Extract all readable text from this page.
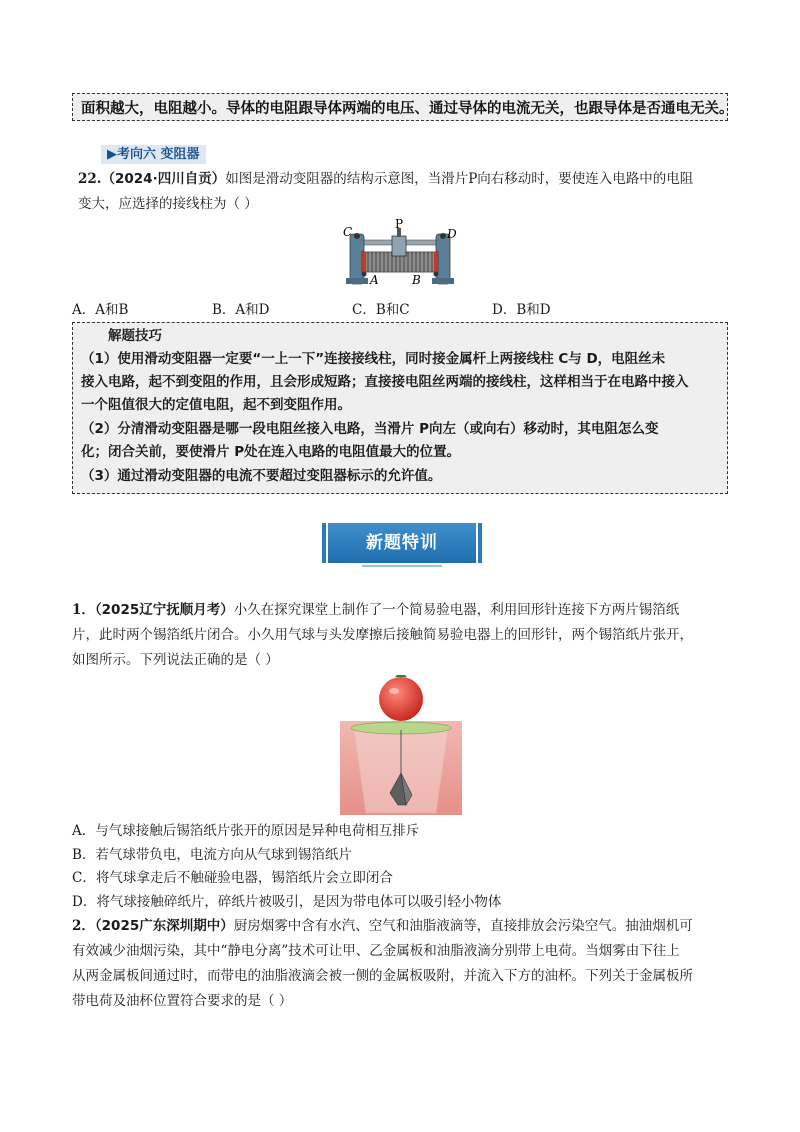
面积越大，电阻越小。导体的电阻跟导体两端的电压、通过导体的电流无关，也跟导体是否通电无关。
▶考向六 变阻器
22.（2024·四川自贡）如图是滑动变阻器的结构示意图，当滑片P向右移动时，要使连入电路中的电阻
变大，应选择的接线柱为（ ）
C
P
D
A	B
A．A和B	B．A和D	C．B和C	D．B和D
解题技巧
（1）使用滑动变阻器一定要“一上一下”连接接线柱，同时接金属杆上两接线柱 C与 D，电阻丝未
接入电路，起不到变阻的作用，且会形成短路；直接接电阻丝两端的接线柱，这样相当于在电路中接入
一个阻值很大的定值电阻，起不到变阻作用。
（2）分清滑动变阻器是哪一段电阻丝接入电路，当滑片 P向左（或向右）移动时，其电阻怎么变
化；闭合关前，要使滑片 P处在连入电路的电阻值最大的位置。
（3）通过滑动变阻器的电流不要超过变阻器标示的允许值。
新题特训
1．（2025辽宁抚顺月考）小久在探究课堂上制作了一个简易验电器，利用回形针连接下方两片锡箔纸
片，此时两个锡箔纸片闭合。小久用气球与头发摩擦后接触简易验电器上的回形针，两个锡箔纸片张开，
如图所示。下列说法正确的是（ ）
A．与气球接触后锡箔纸片张开的原因是异种电荷相互排斥
B．若气球带负电，电流方向从气球到锡箔纸片
C．将气球拿走后不触碰验电器，锡箔纸片会立即闭合
D．将气球接触碎纸片，碎纸片被吸引，是因为带电体可以吸引轻小物体
2．（2025广东深圳期中）厨房烟雾中含有水汽、空气和油脂液滴等，直接排放会污染空气。抽油烟机可
有效减少油烟污染，其中“静电分离”技术可让甲、乙金属板和油脂液滴分别带上电荷。当烟雾由下往上
从两金属板间通过时，而带电的油脂液滴会被一侧的金属板吸附，并流入下方的油杯。下列关于金属板所
带电荷及油杯位置符合要求的是（ ）
